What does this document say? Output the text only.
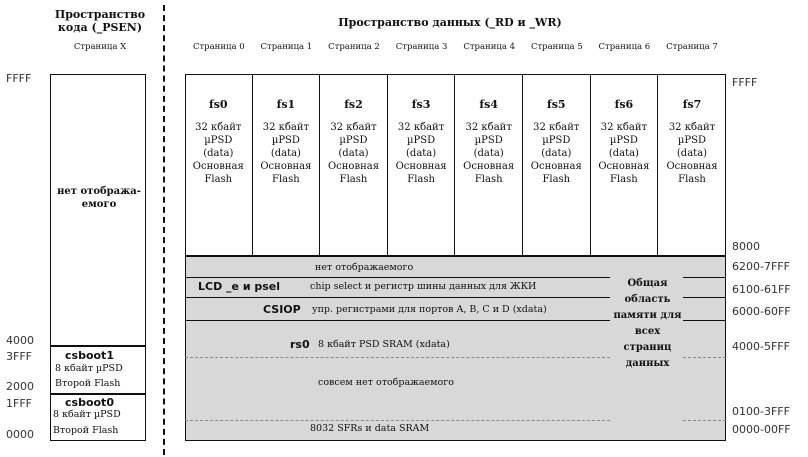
Пространство кода (_PSEN)
Страница X
Пространство данных (_RD и _WR)
Страница 0	Страница 1	Страница 2	Страница 3	Страница 4	Страница 5	Страница 6	Страница 7
нет отобража-емого
csboot1
8 кбайт µPSD
Второй Flash
csboot0
8 кбайт µPSD
Второй Flash
FFFF
4000
3FFF
2000
1FFF
0000
fs0
32 кбайт
µPSD
(data)
Основная
Flash
fs1
32 кбайт
µPSD
(data)
Основная
Flash
fs2
32 кбайт
µPSD
(data)
Основная
Flash
fs3
32 кбайт
µPSD
(data)
Основная
Flash
fs4
32 кбайт
µPSD
(data)
Основная
Flash
fs5
32 кбайт
µPSD
(data)
Основная
Flash
fs6
32 кбайт
µPSD
(data)
Основная
Flash
fs7
32 кбайт
µPSD
(data)
Основная
Flash
Общая область памяти для всех страниц данных
нет отображаемого
LCD _e и psel	chip select и регистр шины данных для ЖКИ
CSIOP упр. регистрами для портов A, B, C и D (xdata)
rs0 8 кбайт PSD SRAM (xdata)
совсем нет отображаемого
8032 SFRs и data SRAM
FFFF
8000
6200-7FFF
6100-61FF
6000-60FF
4000-5FFF
0100-3FFF
0000-00FF
